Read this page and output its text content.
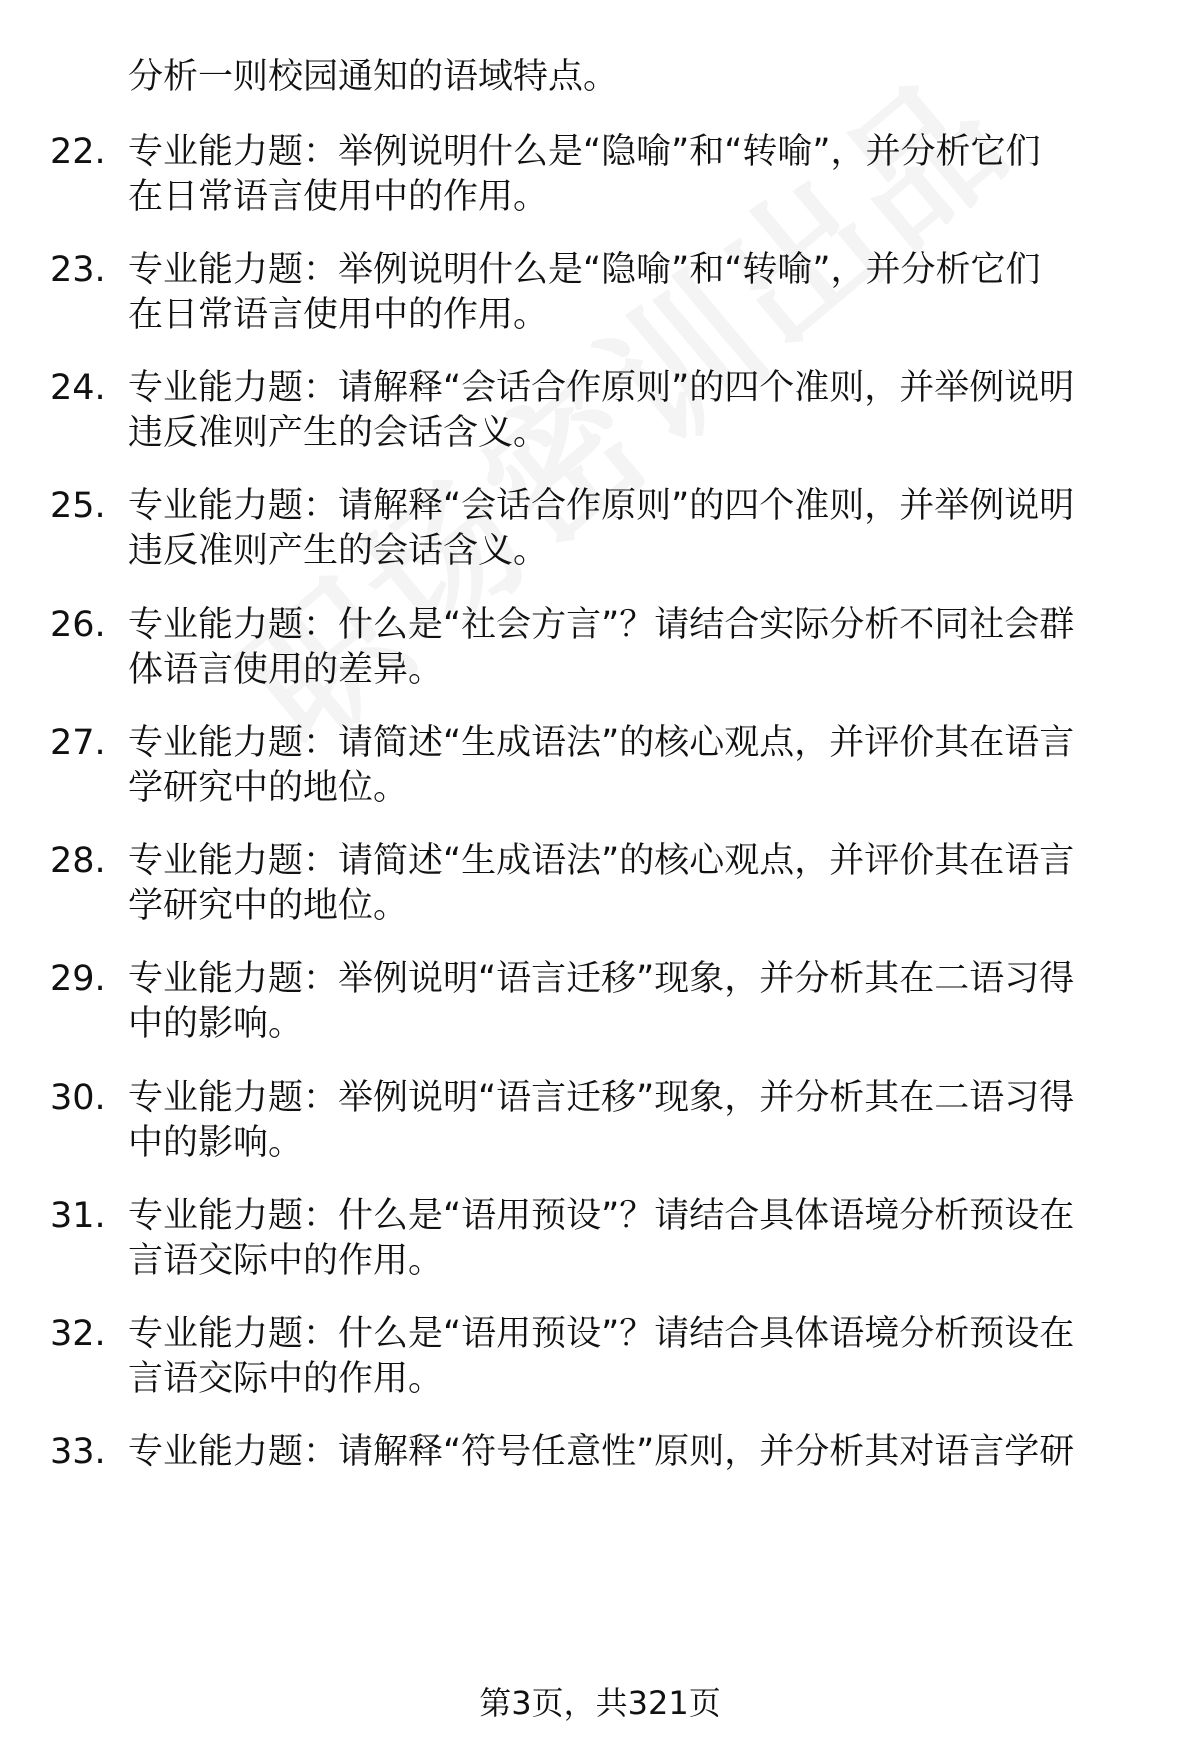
分析一则校园通知的语域特点。
22. 专业能力题：举例说明什么是“隐喻”和“转喻”，并分析它们
在日常语言使用中的作用。
23. 专业能力题：举例说明什么是“隐喻”和“转喻”，并分析它们
在日常语言使用中的作用。
24. 专业能力题：请解释“会话合作原则”的四个准则，并举例说明
违反准则产生的会话含义。
25. 专业能力题：请解释“会话合作原则”的四个准则，并举例说明
违反准则产生的会话含义。
26. 专业能力题：什么是“社会方言”？请结合实际分析不同社会群
体语言使用的差异。
27. 专业能力题：请简述“生成语法”的核心观点，并评价其在语言
学研究中的地位。
28. 专业能力题：请简述“生成语法”的核心观点，并评价其在语言
学研究中的地位。
29. 专业能力题：举例说明“语言迁移”现象，并分析其在二语习得
中的影响。
30. 专业能力题：举例说明“语言迁移”现象，并分析其在二语习得
中的影响。
31. 专业能力题：什么是“语用预设”？请结合具体语境分析预设在
言语交际中的作用。
32. 专业能力题：什么是“语用预设”？请结合具体语境分析预设在
言语交际中的作用。
33. 专业能力题：请解释“符号任意性”原则，并分析其对语言学研
第3页，共321页
